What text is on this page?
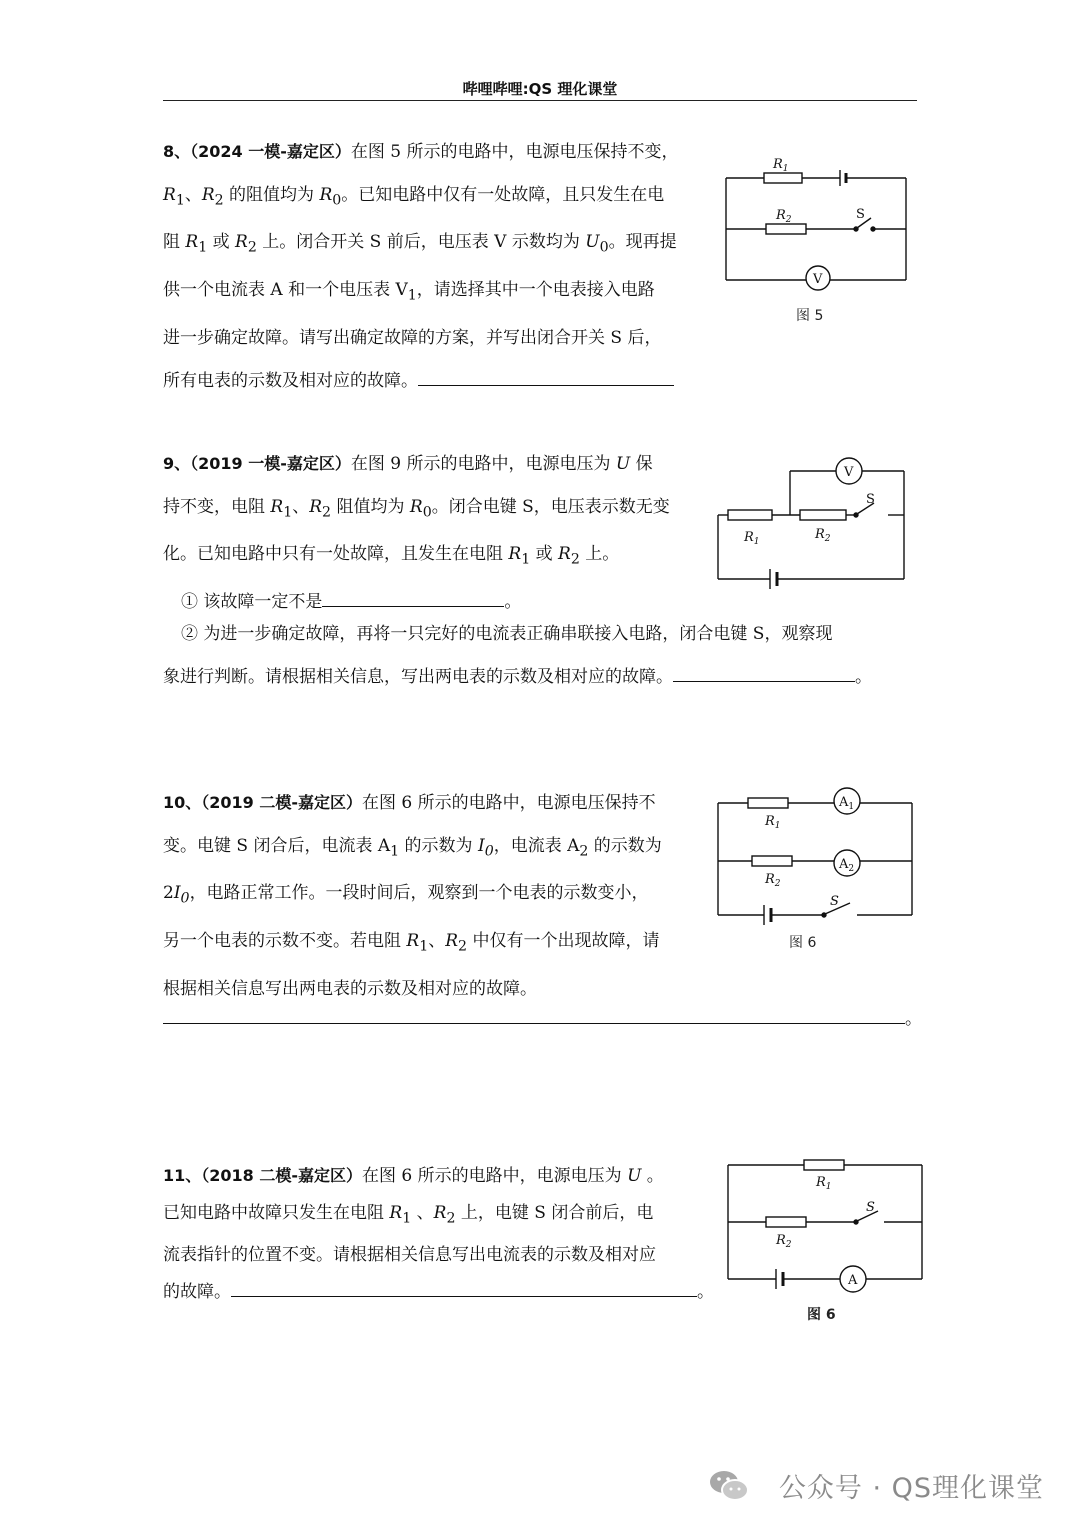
哔哩哔哩:QS 理化课堂
8、（2024 一模-嘉定区）在图 5 所示的电路中，电源电压保持不变，
$R_1$、$R_2$ 的阻值均为 $R_0$。已知电路中仅有一处故障，且只发生在电
阻 $R_1$ 或 $R_2$ 上。闭合开关 S 前后，电压表 V 示数均为 $U_0$。现再提
供一个电流表 A 和一个电压表 $V_1$，请选择其中一个电表接入电路
进一步确定故障。请写出确定故障的方案，并写出闭合开关 S 后，
所有电表的示数及相对应的故障。
$R_1$
$R_2$	S
V
图 5
9、（2019 一模-嘉定区）在图 9 所示的电路中，电源电压为 U 保
持不变，电阻 $R_1$、$R_2$ 阻值均为 $R_0$。闭合电键 S，电压表示数无变
化。已知电路中只有一处故障，且发生在电阻 $R_1$ 或 $R_2$ 上。
① 该故障一定不是	。
② 为进一步确定故障，再将一只完好的电流表正确串联接入电路，闭合电键 S，观察现
象进行判断。请根据相关信息，写出两电表的示数及相对应的故障。	。
$R_1$	$R_2$
S
V
10、（2019 二模-嘉定区）在图 6 所示的电路中，电源电压保持不
变。电键 S 闭合后，电流表 $A_1$ 的示数为 $I_0$，电流表 $A_2$ 的示数为
$2I_0$，电路正常工作。一段时间后，观察到一个电表的示数变小，
另一个电表的示数不变。若电阻 $R_1$、$R_2$ 中仅有一个出现故障，请
根据相关信息写出两电表的示数及相对应的故障。
。
$R_1$
$R_2$
S
$A_1$
$A_2$
图 6
11、（2018 二模-嘉定区）在图 6 所示的电路中，电源电压为 U 。
已知电路中故障只发生在电阻 $R_1$ 、$R_2$ 上，电键 S 闭合前后，电
流表指针的位置不变。请根据相关信息写出电流表的示数及相对应
的故障。	。
$R_1$
$R_2$
S
A
图 6
公众号 · QS理化课堂
